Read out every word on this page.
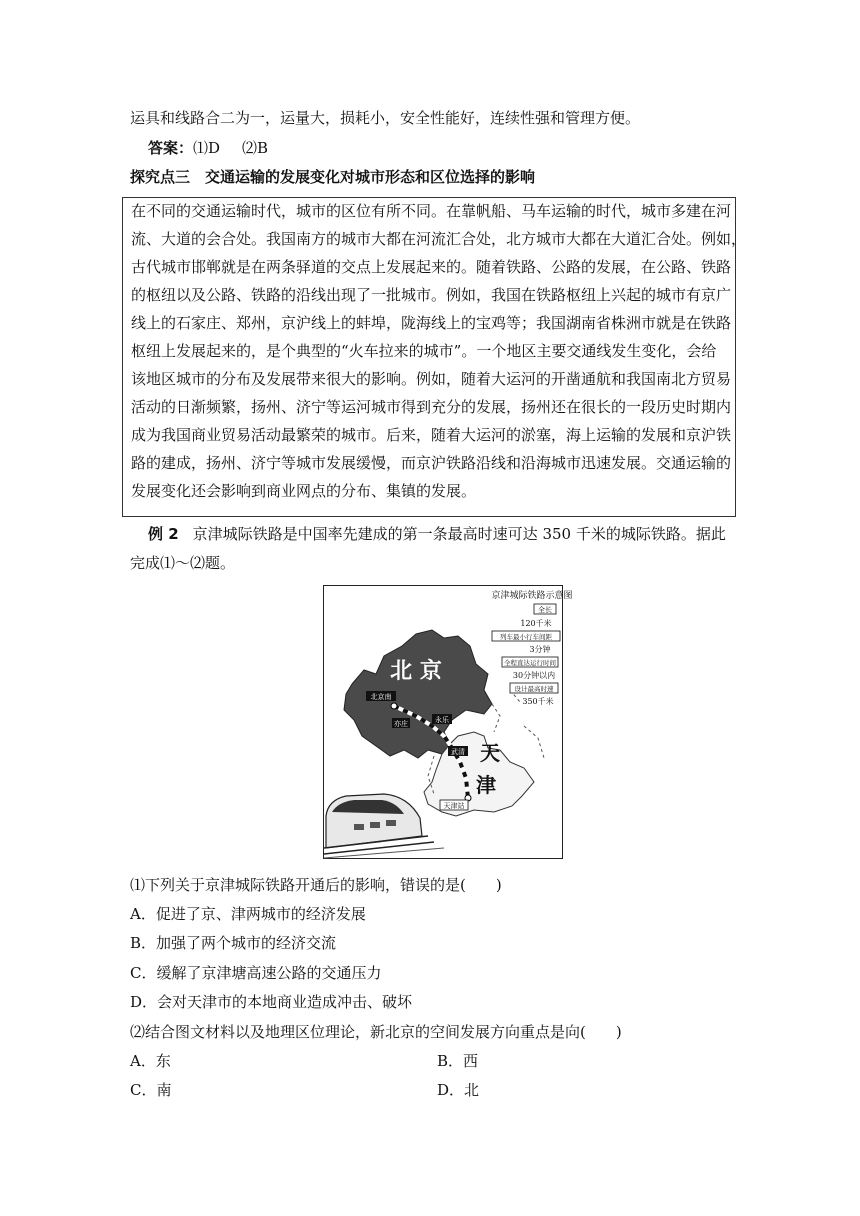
运具和线路合二为一，运量大，损耗小，安全性能好，连续性强和管理方便。
答案：⑴D ⑵B
探究点三　交通运输的发展变化对城市形态和区位选择的影响
在不同的交通运输时代，城市的区位有所不同。在靠帆船、马车运输的时代，城市多建在河
流、大道的会合处。我国南方的城市大都在河流汇合处，北方城市大都在大道汇合处。例如，
古代城市邯郸就是在两条驿道的交点上发展起来的。随着铁路、公路的发展，在公路、铁路
的枢纽以及公路、铁路的沿线出现了一批城市。例如，我国在铁路枢纽上兴起的城市有京广
线上的石家庄、郑州，京沪线上的蚌埠，陇海线上的宝鸡等；我国湖南省株洲市就是在铁路
枢纽上发展起来的，是个典型的“火车拉来的城市”。一个地区主要交通线发生变化，会给
该地区城市的分布及发展带来很大的影响。例如，随着大运河的开凿通航和我国南北方贸易
活动的日渐频繁，扬州、济宁等运河城市得到充分的发展，扬州还在很长的一段历史时期内
成为我国商业贸易活动最繁荣的城市。后来，随着大运河的淤塞，海上运输的发展和京沪铁
路的建成，扬州、济宁等城市发展缓慢，而京沪铁路沿线和沿海城市迅速发展。交通运输的
发展变化还会影响到商业网点的分布、集镇的发展。
例 2 京津城际铁路是中国率先建成的第一条最高时速可达 350 千米的城际铁路。据此
完成⑴～⑵题。
北京南
亦庄	永乐
武清
天津站
北 京
天
津
京津城际铁路示意图
全长
120千米
列车最小行车间距
3分钟
全程直达运行时间
30分钟以内
设计最高时速
350千米
⑴下列关于京津城际铁路开通后的影响，错误的是(　　)
A．促进了京、津两城市的经济发展
B．加强了两个城市的经济交流
C．缓解了京津塘高速公路的交通压力
D．会对天津市的本地商业造成冲击、破坏
⑵结合图文材料以及地理区位理论，新北京的空间发展方向重点是向(　　)
A．东	B．西
C．南	D．北
